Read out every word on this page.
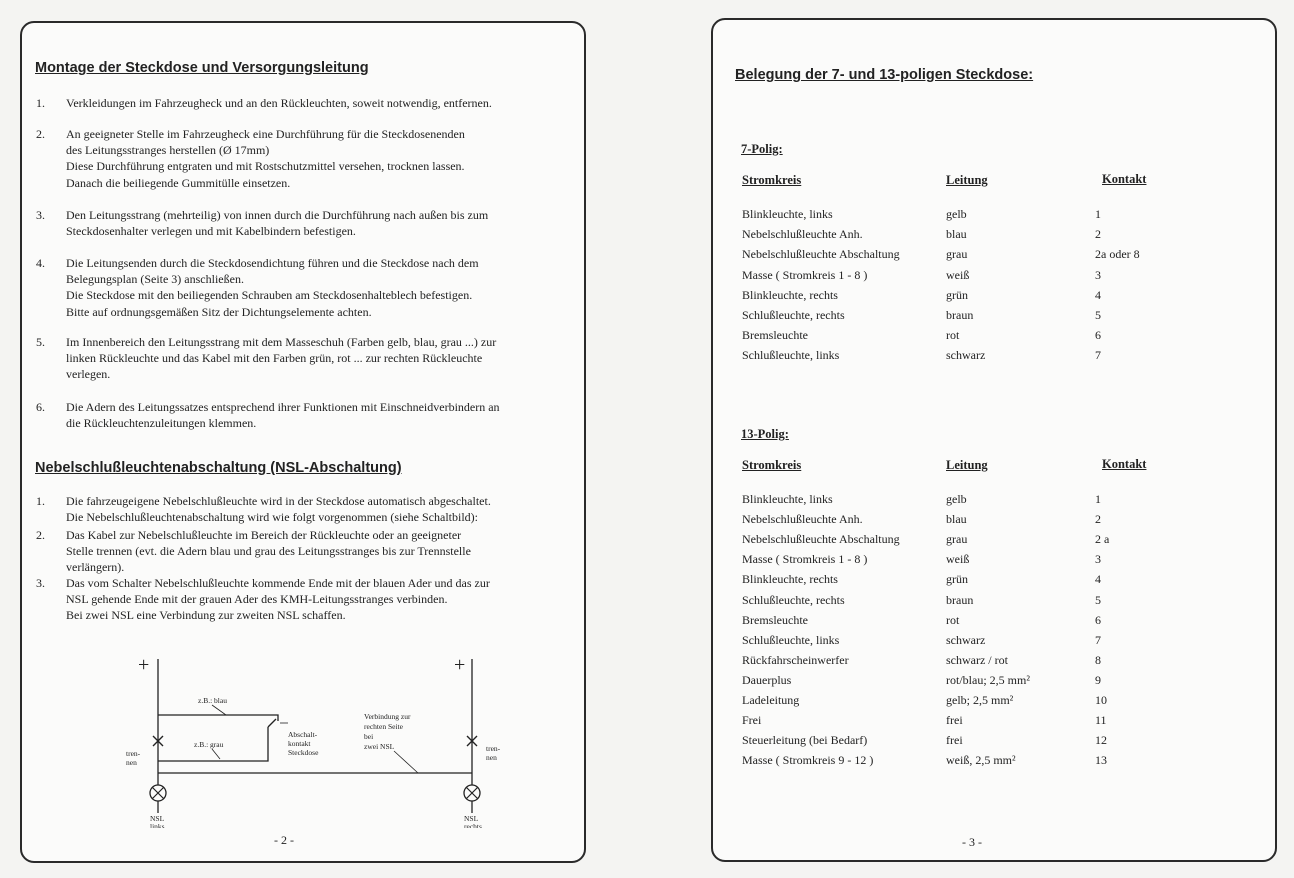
Montage der Steckdose und Versorgungsleitung
1. Verkleidungen im Fahrzeugheck und an den Rückleuchten, soweit notwendig, entfernen.
2. An geeigneter Stelle im Fahrzeugheck eine Durchführung für die Steckdosenenden
des Leitungsstranges herstellen (Ø 17mm)
Diese Durchführung entgraten und mit Rostschutzmittel versehen, trocknen lassen.
Danach die beiliegende Gummitülle einsetzen.
3. Den Leitungsstrang (mehrteilig) von innen durch die Durchführung nach außen bis zum
Steckdosenhalter verlegen und mit Kabelbindern befestigen.
4. Die Leitungsenden durch die Steckdosendichtung führen und die Steckdose nach dem
Belegungsplan (Seite 3) anschließen.
Die Steckdose mit den beiliegenden Schrauben am Steckdosenhalteblech befestigen.
Bitte auf ordnungsgemäßen Sitz der Dichtungselemente achten.
5. Im Innenbereich den Leitungsstrang mit dem Masseschuh (Farben gelb, blau, grau ...) zur
linken Rückleuchte und das Kabel mit den Farben grün, rot ... zur rechten Rückleuchte
verlegen.
6. Die Adern des Leitungssatzes entsprechend ihrer Funktionen mit Einschneidverbindern an
die Rückleuchtenzuleitungen klemmen.
Nebelschlußleuchtenabschaltung (NSL-Abschaltung)
1. Die fahrzeugeigene Nebelschlußleuchte wird in der Steckdose automatisch abgeschaltet.
Die Nebelschlußleuchtenabschaltung wird wie folgt vorgenommen (siehe Schaltbild):
2. Das Kabel zur Nebelschlußleuchte im Bereich der Rückleuchte oder an geeigneter
Stelle trennen (evt. die Adern blau und grau des Leitungsstranges bis zur Trennstelle
verlängern).
3. Das vom Schalter Nebelschlußleuchte kommende Ende mit der blauen Ader und das zur
NSL gehende Ende mit der grauen Ader des KMH-Leitungsstranges verbinden.
Bei zwei NSL eine Verbindung zur zweiten NSL schaffen.
+	+
z.B.: blau
z.B.: grau
Abschalt-
kontakt
Steckdose
Verbindung zur
rechten Seite
bei
zwei NSL
tren-
nen
tren-
nen
NSL
links
NSL
rechts
- 2 -
Belegung der 7- und 13-poligen Steckdose:
7-Polig:
Stromkreis	Leitung	Kontakt
Blinkleuchte, links	gelb	1
Nebelschlußleuchte Anh.	blau	2
Nebelschlußleuchte Abschaltung	grau	2a oder 8
Masse ( Stromkreis 1 - 8 )	weiß	3
Blinkleuchte, rechts	grün	4
Schlußleuchte, rechts	braun	5
Bremsleuchte	rot	6
Schlußleuchte, links	schwarz	7
13-Polig:
Stromkreis	Leitung	Kontakt
Blinkleuchte, links	gelb	1
Nebelschlußleuchte Anh.	blau	2
Nebelschlußleuchte Abschaltung	grau	2 a
Masse ( Stromkreis 1 - 8 )	weiß	3
Blinkleuchte, rechts	grün	4
Schlußleuchte, rechts	braun	5
Bremsleuchte	rot	6
Schlußleuchte, links	schwarz	7
Rückfahrscheinwerfer	schwarz / rot	8
Dauerplus	rot/blau; 2,5 mm²	9
Ladeleitung	gelb; 2,5 mm²	10
Frei	frei	11
Steuerleitung (bei Bedarf)	frei	12
Masse ( Stromkreis 9 - 12 )	weiß, 2,5 mm²	13
- 3 -
